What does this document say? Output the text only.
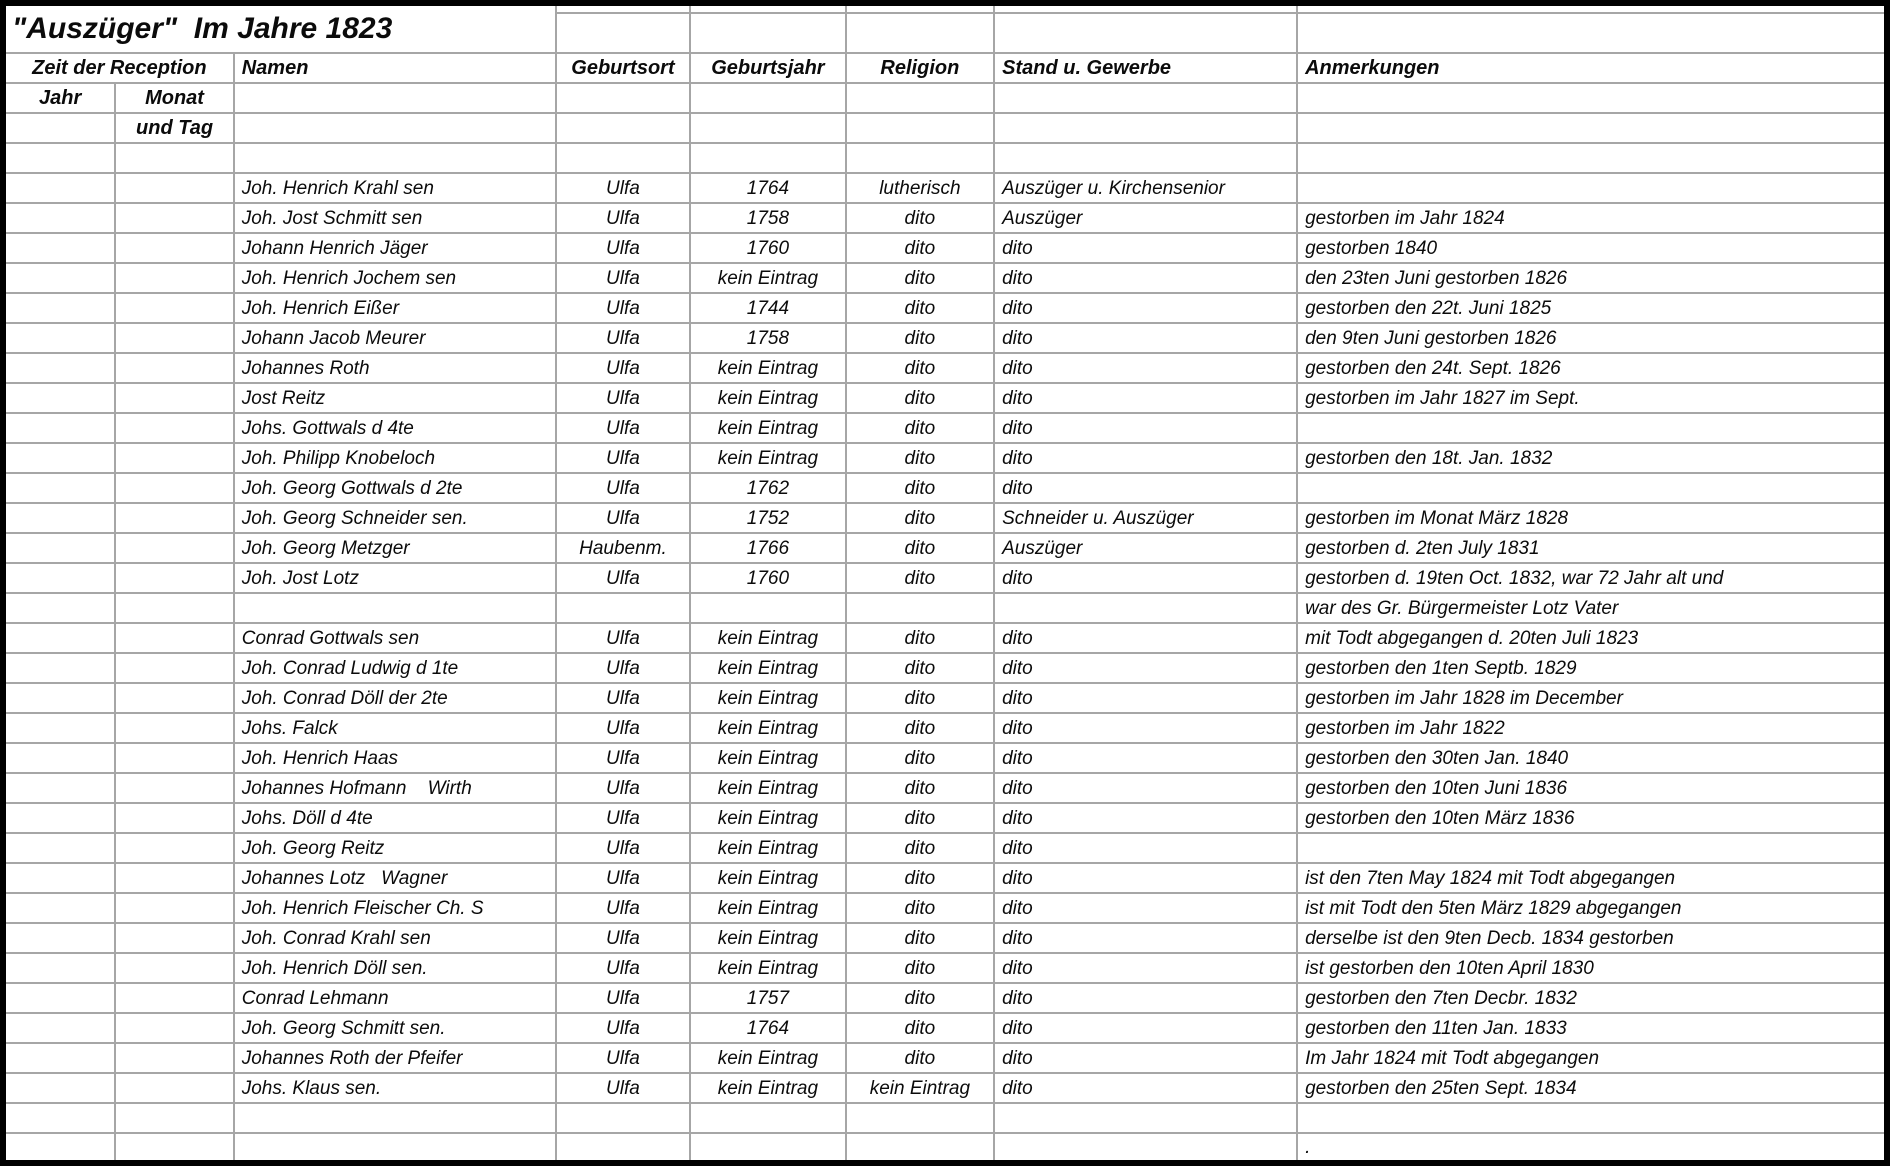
"Auszüger"  Im Jahre 1823							

Zeit der Reception		Namen	Geburtsort	Geburtsjahr	Religion	Stand u. Gewerbe	Anmerkungen
Jahr	Monat						
	und Tag						

		Joh. Henrich Krahl sen	Ulfa	1764	lutherisch	Auszüger u. Kirchensenior	
		Joh. Jost Schmitt sen	Ulfa	1758	dito	Auszüger	gestorben im Jahr 1824
		Johann Henrich Jäger	Ulfa	1760	dito	dito	gestorben 1840
		Joh. Henrich Jochem sen	Ulfa	kein Eintrag	dito	dito	den 23ten Juni gestorben 1826
		Joh. Henrich Eißer	Ulfa	1744	dito	dito	gestorben den 22t. Juni 1825
		Johann Jacob Meurer	Ulfa	1758	dito	dito	den 9ten Juni gestorben 1826
		Johannes Roth	Ulfa	kein Eintrag	dito	dito	gestorben den 24t. Sept. 1826
		Jost Reitz	Ulfa	kein Eintrag	dito	dito	gestorben im Jahr 1827 im Sept.
		Johs. Gottwals d 4te	Ulfa	kein Eintrag	dito	dito	
		Joh. Philipp Knobeloch	Ulfa	kein Eintrag	dito	dito	gestorben den 18t. Jan. 1832
		Joh. Georg Gottwals d 2te	Ulfa	1762	dito	dito	
		Joh. Georg Schneider sen.	Ulfa	1752	dito	Schneider u. Auszüger	gestorben im Monat März 1828
		Joh. Georg Metzger	Haubenm.	1766	dito	Auszüger	gestorben d. 2ten July 1831
		Joh. Jost Lotz	Ulfa	1760	dito	dito	gestorben d. 19ten Oct. 1832, war 72 Jahr alt und
							war des Gr. Bürgermeister Lotz Vater
		Conrad Gottwals sen	Ulfa	kein Eintrag	dito	dito	mit Todt abgegangen d. 20ten Juli 1823
		Joh. Conrad Ludwig d 1te	Ulfa	kein Eintrag	dito	dito	gestorben den 1ten Septb. 1829
		Joh. Conrad Döll der 2te	Ulfa	kein Eintrag	dito	dito	gestorben im Jahr 1828 im December
		Johs. Falck	Ulfa	kein Eintrag	dito	dito	gestorben im Jahr 1822
		Joh. Henrich Haas	Ulfa	kein Eintrag	dito	dito	gestorben den 30ten Jan. 1840
		Johannes Hofmann    Wirth	Ulfa	kein Eintrag	dito	dito	gestorben den 10ten Juni 1836
		Johs. Döll d 4te	Ulfa	kein Eintrag	dito	dito	gestorben den 10ten März 1836
		Joh. Georg Reitz	Ulfa	kein Eintrag	dito	dito	
		Johannes Lotz   Wagner	Ulfa	kein Eintrag	dito	dito	ist den 7ten May 1824 mit Todt abgegangen
		Joh. Henrich Fleischer Ch. S	Ulfa	kein Eintrag	dito	dito	ist mit Todt den 5ten März 1829 abgegangen
		Joh. Conrad Krahl sen	Ulfa	kein Eintrag	dito	dito	derselbe ist den 9ten Decb. 1834 gestorben
		Joh. Henrich Döll sen.	Ulfa	kein Eintrag	dito	dito	ist gestorben den 10ten April 1830
		Conrad Lehmann	Ulfa	1757	dito	dito	gestorben den 7ten Decbr. 1832
		Joh. Georg Schmitt sen.	Ulfa	1764	dito	dito	gestorben den 11ten Jan. 1833
		Johannes Roth der Pfeifer	Ulfa	kein Eintrag	dito	dito	Im Jahr 1824 mit Todt abgegangen
		Johs. Klaus sen.	Ulfa	kein Eintrag	kein Eintrag	dito	gestorben den 25ten Sept. 1834

							.
